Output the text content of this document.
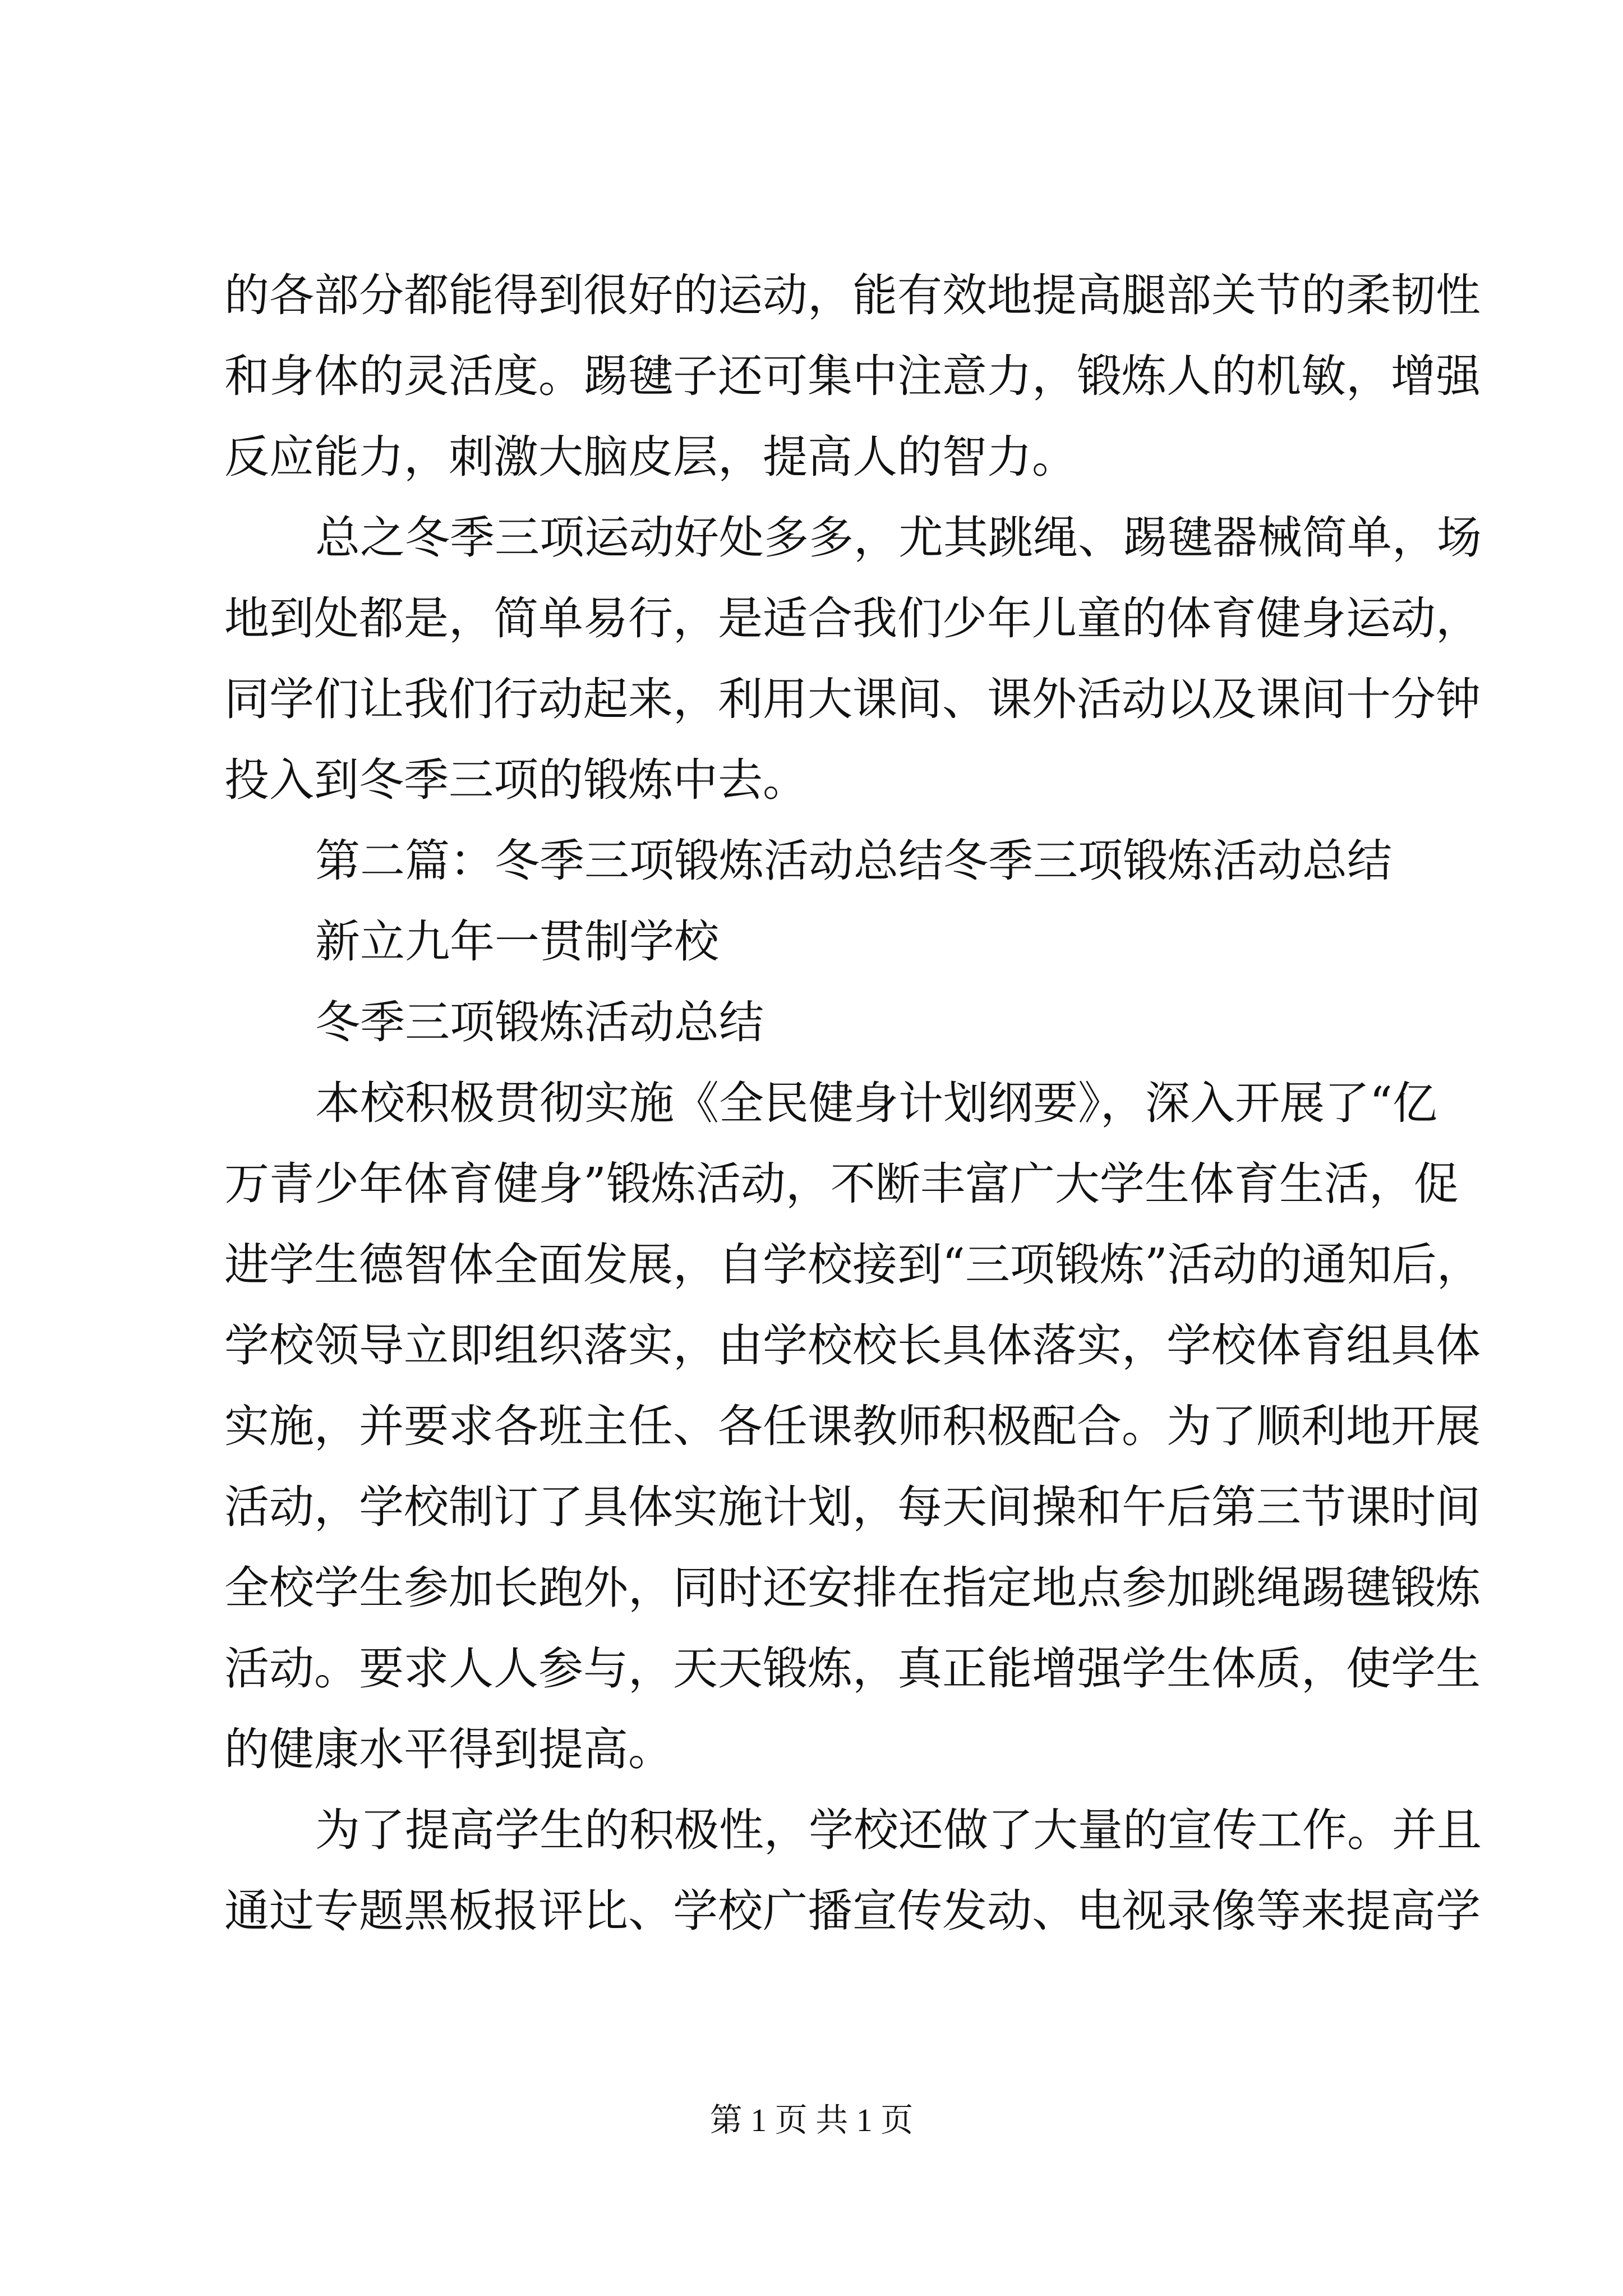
的各部分都能得到很好的运动，能有效地提高腿部关节的柔韧性
和身体的灵活度。踢毽子还可集中注意力，锻炼人的机敏，增强
反应能力，刺激大脑皮层，提高人的智力。
总之冬季三项运动好处多多，尤其跳绳、踢毽器械简单，场
地到处都是，简单易行，是适合我们少年儿童的体育健身运动，
同学们让我们行动起来，利用大课间、课外活动以及课间十分钟
投入到冬季三项的锻炼中去。
第二篇：冬季三项锻炼活动总结冬季三项锻炼活动总结
新立九年一贯制学校
冬季三项锻炼活动总结
本校积极贯彻实施《全民健身计划纲要》，深入开展了“亿
万青少年体育健身”锻炼活动，不断丰富广大学生体育生活，促
进学生德智体全面发展，自学校接到“三项锻炼”活动的通知后，
学校领导立即组织落实，由学校校长具体落实，学校体育组具体
实施，并要求各班主任、各任课教师积极配合。为了顺利地开展
活动，学校制订了具体实施计划，每天间操和午后第三节课时间
全校学生参加长跑外，同时还安排在指定地点参加跳绳踢毽锻炼
活动。要求人人参与，天天锻炼，真正能增强学生体质，使学生
的健康水平得到提高。
为了提高学生的积极性，学校还做了大量的宣传工作。并且
通过专题黑板报评比、学校广播宣传发动、电视录像等来提高学
第 1 页 共 1 页
